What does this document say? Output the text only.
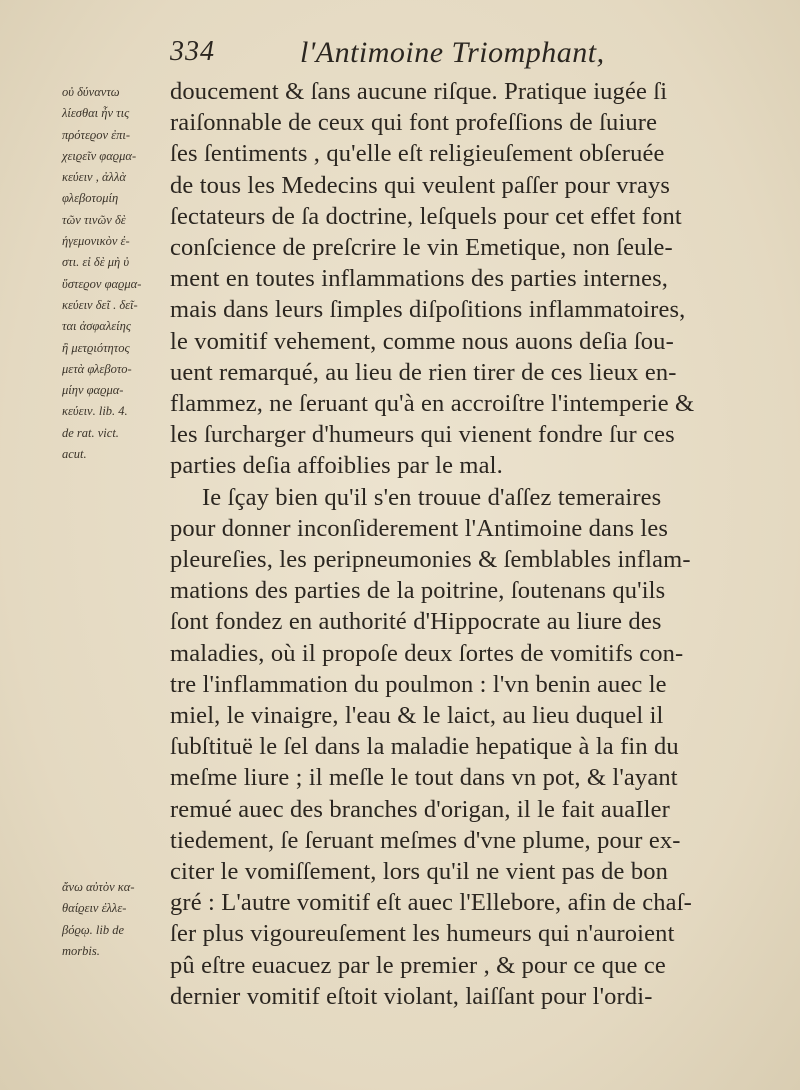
334	l'Antimoine Triomphant,
οὐ δύναντω
λίεσθαι ἦν τις
πρότεϱον ἐπι-
χειϱεῖν φαϱμα-
κεύειν , ἀλλὰ
φλεβοτομίη
τῶν τινῶν δὲ
ἡγεμονικὸν ἐ-
στι. εἰ δὲ μὴ ὐ
ὕστεϱον φαϱμα-
κεύειν δεῖ . δεῖ-
ται ἀσφαλείης
ἢ μετϱιότητος
μετὰ φλεβοτο-
μίην φαϱμα-
κεύειν. lib. 4.
de rat. vict.
acut.
ἄνω αὐτὸν κα-
θαίϱειν ἐλλε-
βόϱῳ. lib de
morbis.
doucement & ſans aucune riſque. Pratique iugée ſi
raiſonnable de ceux qui font profeſſions de ſuiure
ſes ſentiments , qu'elle eſt religieuſement obſeruée
de tous les Medecins qui veulent paſſer pour vrays
ſectateurs de ſa doctrine, leſquels pour cet effet font
conſcience de preſcrire le vin Emetique, non ſeule-
ment en toutes inflammations des parties internes,
mais dans leurs ſimples diſpoſitions inflammatoires,
le vomitif vehement, comme nous auons deſia ſou-
uent remarqué, au lieu de rien tirer de ces lieux en-
flammez, ne ſeruant qu'à en accroiſtre l'intemperie &
les ſurcharger d'humeurs qui vienent fondre ſur ces
parties deſia affoiblies par le mal.
Ie ſçay bien qu'il s'en trouue d'aſſez temeraires
pour donner inconſiderement l'Antimoine dans les
pleureſies, les peripneumonies & ſemblables inflam-
mations des parties de la poitrine, ſoutenans qu'ils
ſont fondez en authorité d'Hippocrate au liure des
maladies, où il propoſe deux ſortes de vomitifs con-
tre l'inflammation du poulmon : l'vn benin auec le
miel, le vinaigre, l'eau & le laict, au lieu duquel il
ſubſtituë le ſel dans la maladie hepatique à la fin du
meſme liure ; il meſle le tout dans vn pot, & l'ayant
remué auec des branches d'origan, il le fait auaIler
tiedement, ſe ſeruant meſmes d'vne plume, pour ex-
citer le vomiſſement, lors qu'il ne vient pas de bon
gré : L'autre vomitif eſt auec l'Ellebore, afin de chaſ-
ſer plus vigoureuſement les humeurs qui n'auroient
pû eſtre euacuez par le premier , & pour ce que ce
dernier vomitif eſtoit violant, laiſſant pour l'ordi-
